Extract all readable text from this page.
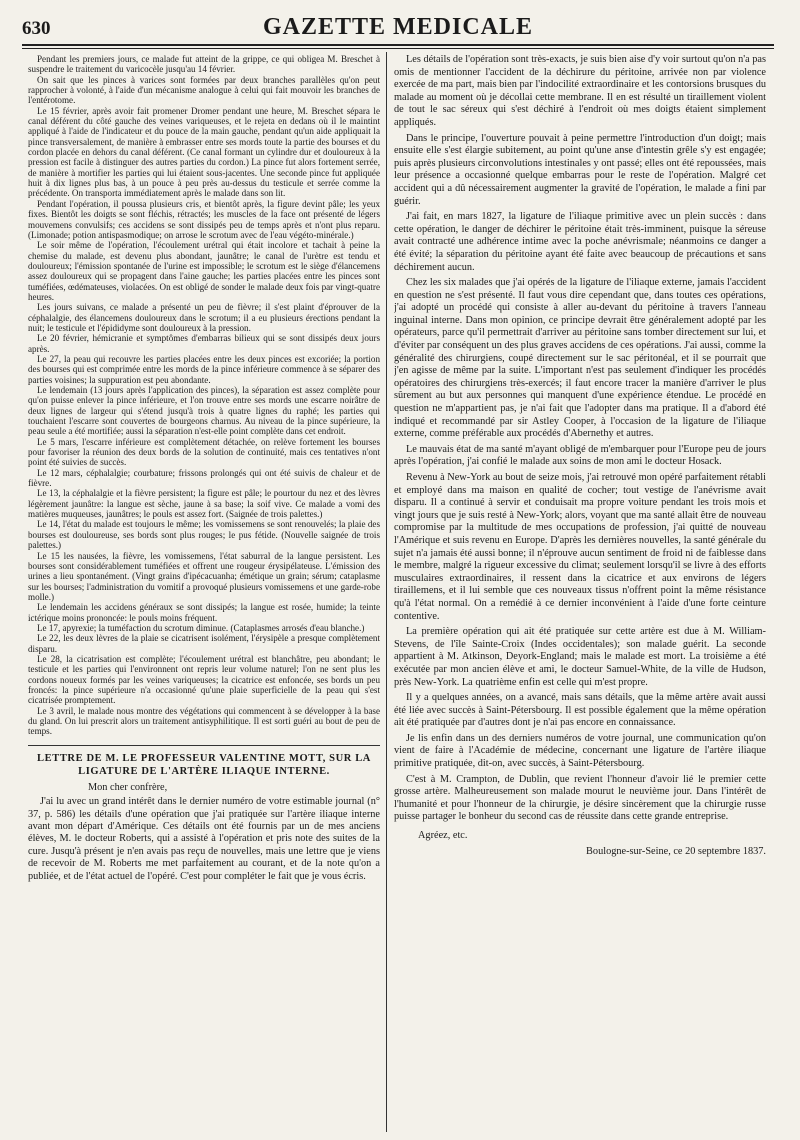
630	GAZETTE MEDICALE

Pendant les premiers jours, ce malade fut atteint de la grippe, ce qui obligea M. Breschet à suspendre le traitement du varicocèle jusqu'au 14 février.

On sait que les pinces à varices sont formées par deux branches parallèles qu'on peut rapprocher à volonté, à l'aide d'un mécanisme analogue à celui qui fait mouvoir les branches de l'entérotome.

Le 15 février, après avoir fait promener Dromer pendant une heure, M. Breschet sépara le canal déférent du côté gauche des veines variqueuses, et le rejeta en dedans où il le maintint appliqué à l'aide de l'indicateur et du pouce de la main gauche, pendant qu'un aide appliquait la pince transversalement, de manière à embrasser entre ses mords toute la partie des bourses et du cordon placée en dehors du canal déférent. (Ce canal formant un cylindre dur et douloureux à la pression est facile à distinguer des autres parties du cordon.) La pince fut alors fortement serrée, de manière à mortifier les parties qui lui étaient sous-jacentes. Une seconde pince fut appliquée huit à dix lignes plus bas, à un pouce à peu près au-dessus du testicule et serrée comme la précédente. On transporta immédiatement après le malade dans son lit.

Pendant l'opération, il poussa plusieurs cris, et bientôt après, la figure devint pâle; les yeux fixes. Bientôt les doigts se sont fléchis, rétractés; les muscles de la face ont présenté de légers mouvemens convulsifs; ces accidens se sont dissipés peu de temps après et n'ont plus reparu. (Limonade; potion antispasmodique; on arrose le scrotum avec de l'eau végéto-minérale.)

Le soir même de l'opération, l'écoulement urétral qui était incolore et tachait à peine la chemise du malade, est devenu plus abondant, jaunâtre; le canal de l'urètre est tendu et douloureux; l'émission spontanée de l'urine est impossible; le scrotum est le siège d'élancemens assez douloureux qui se propagent dans l'aine gauche; les parties placées entre les pinces sont tuméfiées, œdémateuses, violacées. On est obligé de sonder le malade deux fois par vingt-quatre heures.

Les jours suivans, ce malade a présenté un peu de fièvre; il s'est plaint d'éprouver de la céphalalgie, des élancemens douloureux dans le scrotum; il a eu plusieurs érections pendant la nuit; le testicule et l'épididyme sont douloureux à la pression.

Le 20 février, hémicranie et symptômes d'embarras bilieux qui se sont dissipés deux jours après.

Le 27, la peau qui recouvre les parties placées entre les deux pinces est excoriée; la portion des bourses qui est comprimée entre les mords de la pince inférieure commence à se séparer des parties voisines; la suppuration est peu abondante.

Le lendemain (13 jours après l'application des pinces), la séparation est assez complète pour qu'on puisse enlever la pince inférieure, et l'on trouve entre ses mords une escarre noirâtre de deux lignes de largeur qui s'étend jusqu'à trois à quatre lignes du raphé; les parties qui touchaient l'escarre sont couvertes de bourgeons charnus. Au niveau de la pince supérieure, la peau seule a été mortifiée; aussi la séparation n'est-elle point complète dans cet endroit.

Le 5 mars, l'escarre inférieure est complètement détachée, on relève fortement les bourses pour favoriser la réunion des deux bords de la solution de continuité, mais ces tentatives n'ont point été suivies de succès.

Le 12 mars, céphalalgie; courbature; frissons prolongés qui ont été suivis de chaleur et de fièvre.

Le 13, la céphalalgie et la fièvre persistent; la figure est pâle; le pourtour du nez et des lèvres légèrement jaunâtre: la langue est sèche, jaune à sa base; la soif vive. Ce malade a vomi des matières muqueuses, jaunâtres; le pouls est assez fort. (Saignée de trois palettes.)

Le 14, l'état du malade est toujours le même; les vomissemens se sont renouvelés; la plaie des bourses est douloureuse, ses bords sont plus rouges; le pus fétide. (Nouvelle saignée de trois palettes.)

Le 15 les nausées, la fièvre, les vomissemens, l'état saburral de la langue persistent. Les bourses sont considérablement tuméfiées et offrent une rougeur érysipélateuse. L'émission des urines a lieu spontanément. (Vingt grains d'ipécacuanha; émétique un grain; sérum; cataplasme sur les bourses; l'administration du vomitif a provoqué plusieurs vomissemens et une garde-robe molle.)

Le lendemain les accidens généraux se sont dissipés; la langue est rosée, humide; la teinte ictérique moins prononcée: le pouls moins fréquent.

Le 17, apyrexie; la tuméfaction du scrotum diminue. (Cataplasmes arrosés d'eau blanche.)

Le 22, les deux lèvres de la plaie se cicatrisent isolément, l'érysipèle a presque complètement disparu.

Le 28, la cicatrisation est complète; l'écoulement urétral est blanchâtre, peu abondant; le testicule et les parties qui l'environnent ont repris leur volume naturel; l'on ne sent plus les cordons noueux formés par les veines variqueuses; la cicatrice est enfoncée, ses bords un peu froncés: la pince supérieure n'a occasionné qu'une plaie superficielle de la peau qui s'est cicatrisée promptement.

Le 3 avril, le malade nous montre des végétations qui commencent à se développer à la base du gland. On lui prescrit alors un traitement antisyphilitique. Il est sorti guéri au bout de peu de temps.

LETTRE DE M. LE PROFESSEUR VALENTINE MOTT, SUR LA LIGATURE DE L'ARTÈRE ILIAQUE INTERNE.

Mon cher confrère,

J'ai lu avec un grand intérêt dans le dernier numéro de votre estimable journal (n° 37, p. 586) les détails d'une opération que j'ai pratiquée sur l'artère iliaque interne avant mon départ d'Amérique. Ces détails ont été fournis par un de mes anciens élèves, M. le docteur Roberts, qui a assisté à l'opération et pris note des suites de la cure. Jusqu'à présent je n'en avais pas reçu de nouvelles, mais une lettre que je viens de recevoir de M. Roberts me met parfaitement au courant, et de la note qu'on a publiée, et de l'état actuel de l'opéré. C'est pour compléter le fait que je vous écris.

Les détails de l'opération sont très-exacts, je suis bien aise d'y voir surtout qu'on n'a pas omis de mentionner l'accident de la déchirure du péritoine, arrivée non par violence exercée de ma part, mais bien par l'indocilité extraordinaire et les contorsions brusques du malade au moment où je décollai cette membrane. Il en est résulté un tiraillement violent de tout le sac séreux qui s'est déchiré à l'endroit où mes doigts étaient simplement appliqués.

Dans le principe, l'ouverture pouvait à peine permettre l'introduction d'un doigt; mais ensuite elle s'est élargie subitement, au point qu'une anse d'intestin grêle s'y est engagée; puis après plusieurs circonvolutions intestinales y ont passé; elles ont été repoussées, mais leur présence a occasionné quelque embarras pour le reste de l'opération. Malgré cet accident qui a dû nécessairement augmenter la gravité de l'opération, le malade a fini par guérir.

J'ai fait, en mars 1827, la ligature de l'iliaque primitive avec un plein succès : dans cette opération, le danger de déchirer le péritoine était très-imminent, puisque la séreuse avait contracté une adhérence intime avec la poche anévrismale; néanmoins ce danger a été évité; la séparation du péritoine ayant été faite avec beaucoup de précautions et sans déchirement aucun.

Chez les six malades que j'ai opérés de la ligature de l'iliaque externe, jamais l'accident en question ne s'est présenté. Il faut vous dire cependant que, dans toutes ces opérations, j'ai adopté un procédé qui consiste à aller au-devant du péritoine à travers l'anneau inguinal interne. Dans mon opinion, ce principe devrait être généralement adopté par les opérateurs, parce qu'il permettrait d'arriver au péritoine sans tomber directement sur lui, et d'éviter par conséquent un des plus graves accidens de ces opérations. J'ai aussi, comme la généralité des chirurgiens, coupé directement sur le sac péritonéal, et il se pourrait que j'en agisse de même par la suite. L'important n'est pas seulement d'indiquer les procédés opératoires des chirurgiens très-exercés; il faut encore tracer la manière d'arriver le plus sûrement au but aux personnes qui manquent d'une expérience étendue. Le procédé en question ne m'appartient pas, je n'ai fait que l'adopter dans ma pratique. Il a d'abord été indiqué et recommandé par sir Astley Cooper, à l'occasion de la ligature de l'iliaque externe, comme préférable aux procédés d'Abernethy et autres.

Le mauvais état de ma santé m'ayant obligé de m'embarquer pour l'Europe peu de jours après l'opération, j'ai confié le malade aux soins de mon ami le docteur Hosack.

Revenu à New-York au bout de seize mois, j'ai retrouvé mon opéré parfaitement rétabli et employé dans ma maison en qualité de cocher; tout vestige de l'anévrisme avait disparu. Il a continué à servir et conduisait ma propre voiture pendant les trois mois et vingt jours que je suis resté à New-York; alors, voyant que ma santé allait être de nouveau compromise par la multitude de mes occupations de profession, j'ai quitté de nouveau l'Amérique et suis revenu en Europe. D'après les dernières nouvelles, la santé générale du sujet n'a jamais été aussi bonne; il n'éprouve aucun sentiment de froid ni de faiblesse dans le membre, malgré la rigueur excessive du climat; seulement lorsqu'il se livre à des efforts musculaires extraordinaires, il ressent dans la cicatrice et aux environs de légers tiraillemens, et il lui semble que ces nouveaux tissus n'offrent point la même résistance qu'à l'état normal. On a remédié à ce dernier inconvénient à l'aide d'une forte ceinture contentive.

La première opération qui ait été pratiquée sur cette artère est due à M. William-Stevens, de l'île Sainte-Croix (Indes occidentales); son malade guérit. La seconde appartient à M. Atkinson, Deyork-England; mais le malade est mort. La troisième a été exécutée par mon ancien élève et ami, le docteur Samuel-White, de la ville de Hudson, près New-York. La quatrième enfin est celle qui m'est propre.

Il y a quelques années, on a avancé, mais sans détails, que la même artère avait aussi été liée avec succès à Saint-Pétersbourg. Il est possible également que la même opération ait été pratiquée par d'autres dont je n'ai pas encore en connaissance.

Je lis enfin dans un des derniers numéros de votre journal, une communication qu'on vient de faire à l'Académie de médecine, concernant une ligature de l'artère iliaque primitive pratiquée, dit-on, avec succès, à Saint-Pétersbourg.

C'est à M. Crampton, de Dublin, que revient l'honneur d'avoir lié le premier cette grosse artère. Malheureusement son malade mourut le neuvième jour. Dans l'intérêt de l'humanité et pour l'honneur de la chirurgie, je désire sincèrement que la chirurgie russe puisse partager le bonheur du second cas de réussite dans cette grande entreprise.

Agréez, etc.

Boulogne-sur-Seine, ce 20 septembre 1837.
